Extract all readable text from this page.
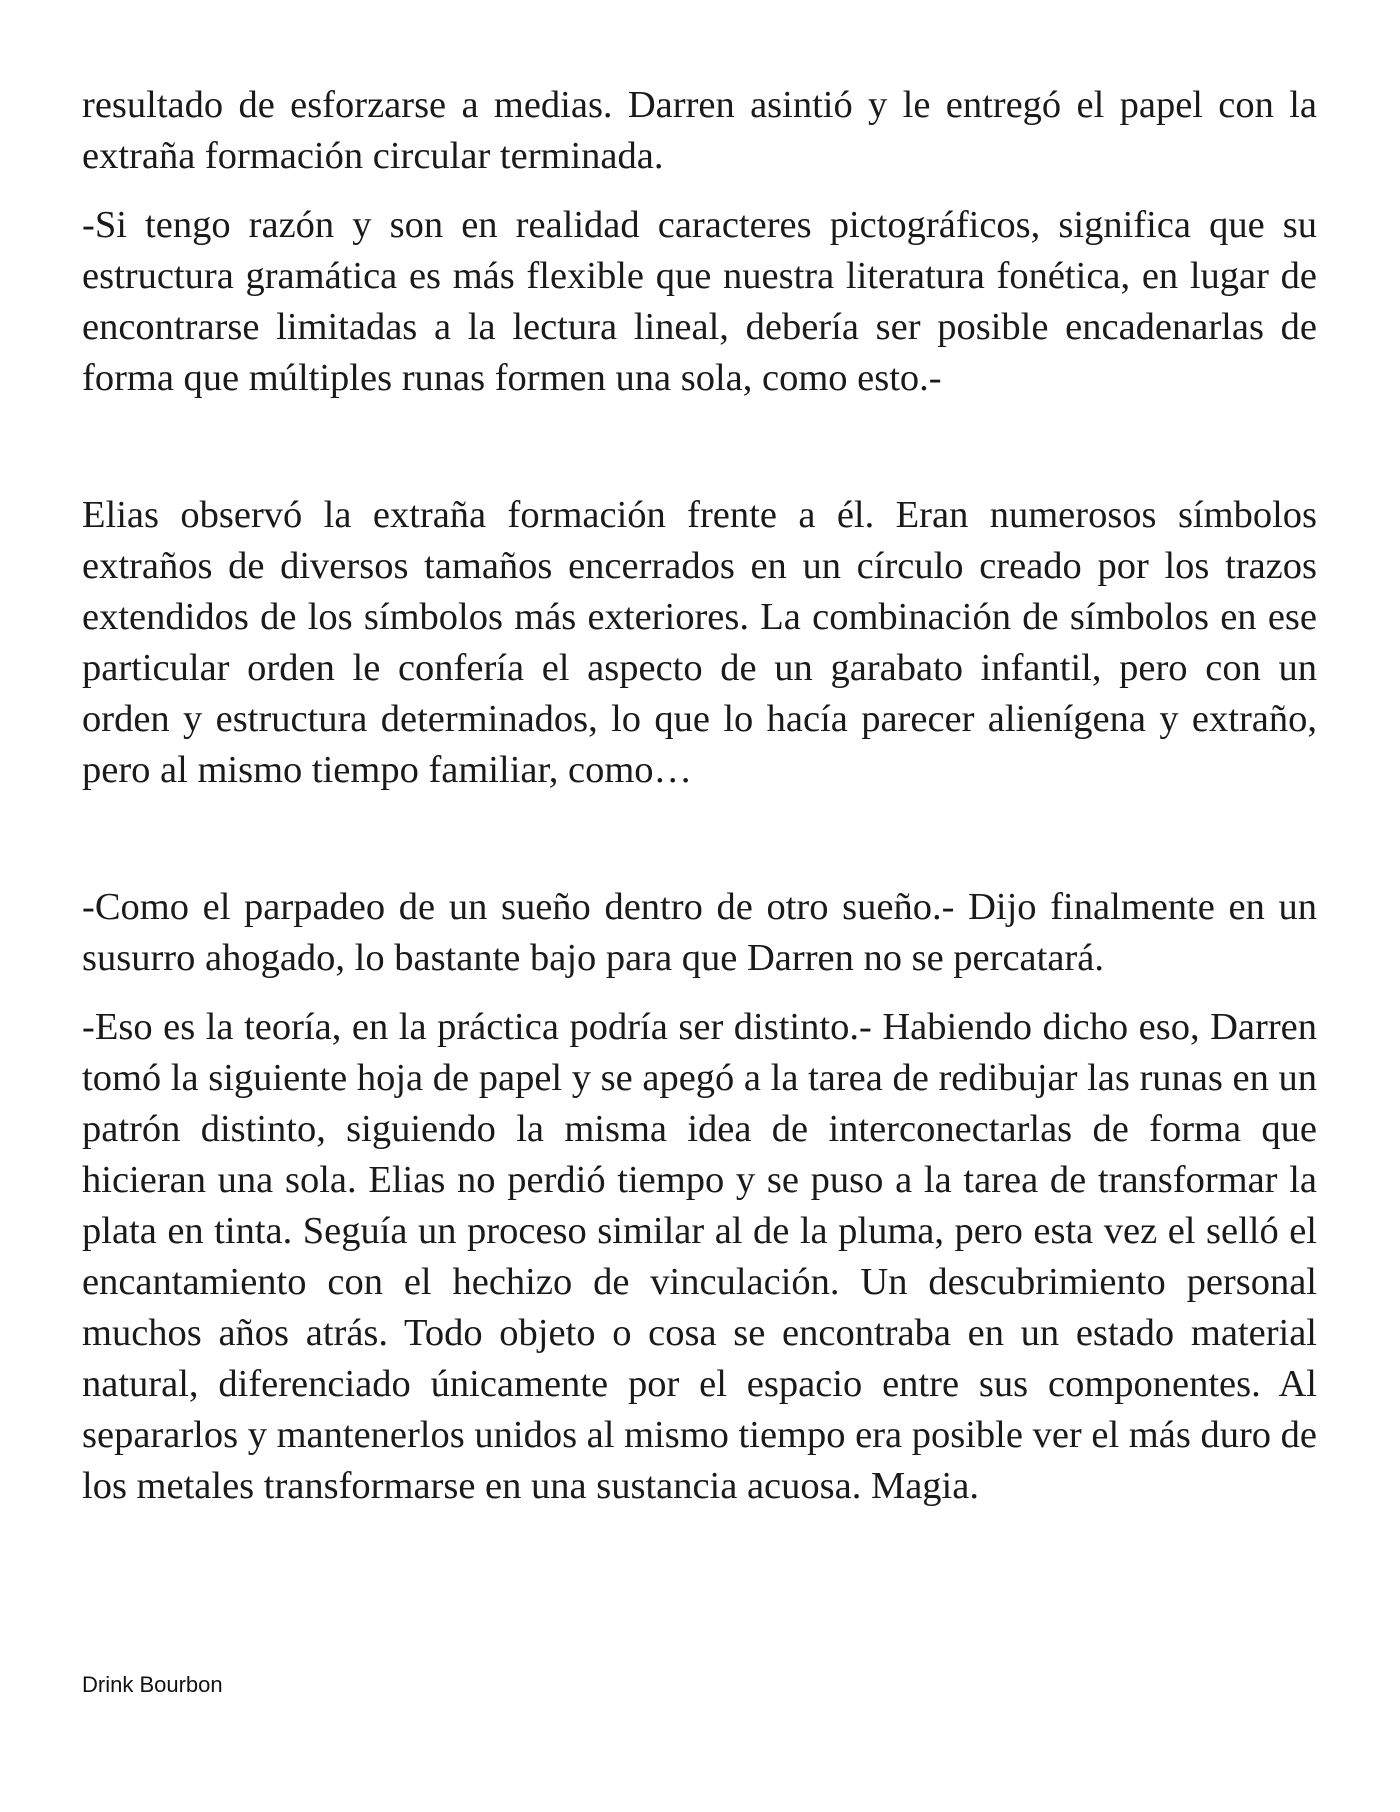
resultado de esforzarse a medias. Darren asintió y le entregó el papel con la extraña formación circular terminada.

-Si tengo razón y son en realidad caracteres pictográficos, significa que su estructura gramática es más flexible que nuestra literatura fonética, en lugar de encontrarse limitadas a la lectura lineal, debería ser posible encadenarlas de forma que múltiples runas formen una sola, como esto.-

Elias observó la extraña formación frente a él. Eran numerosos símbolos extraños de diversos tamaños encerrados en un círculo creado por los trazos extendidos de los símbolos más exteriores. La combinación de símbolos en ese particular orden le confería el aspecto de un garabato infantil, pero con un orden y estructura determinados, lo que lo hacía parecer alienígena y extraño, pero al mismo tiempo familiar, como…

-Como el parpadeo de un sueño dentro de otro sueño.- Dijo finalmente en un susurro ahogado, lo bastante bajo para que Darren no se percatará.

-Eso es la teoría, en la práctica podría ser distinto.- Habiendo dicho eso, Darren tomó la siguiente hoja de papel y se apegó a la tarea de redibujar las runas en un patrón distinto, siguiendo la misma idea de interconectarlas de forma que hicieran una sola. Elias no perdió tiempo y se puso a la tarea de transformar la plata en tinta. Seguía un proceso similar al de la pluma, pero esta vez el selló el encantamiento con el hechizo de vinculación. Un descubrimiento personal muchos años atrás. Todo objeto o cosa se encontraba en un estado material natural, diferenciado únicamente por el espacio entre sus componentes. Al separarlos y mantenerlos unidos al mismo tiempo era posible ver el más duro de los metales transformarse en una sustancia acuosa. Magia.

Drink Bourbon
